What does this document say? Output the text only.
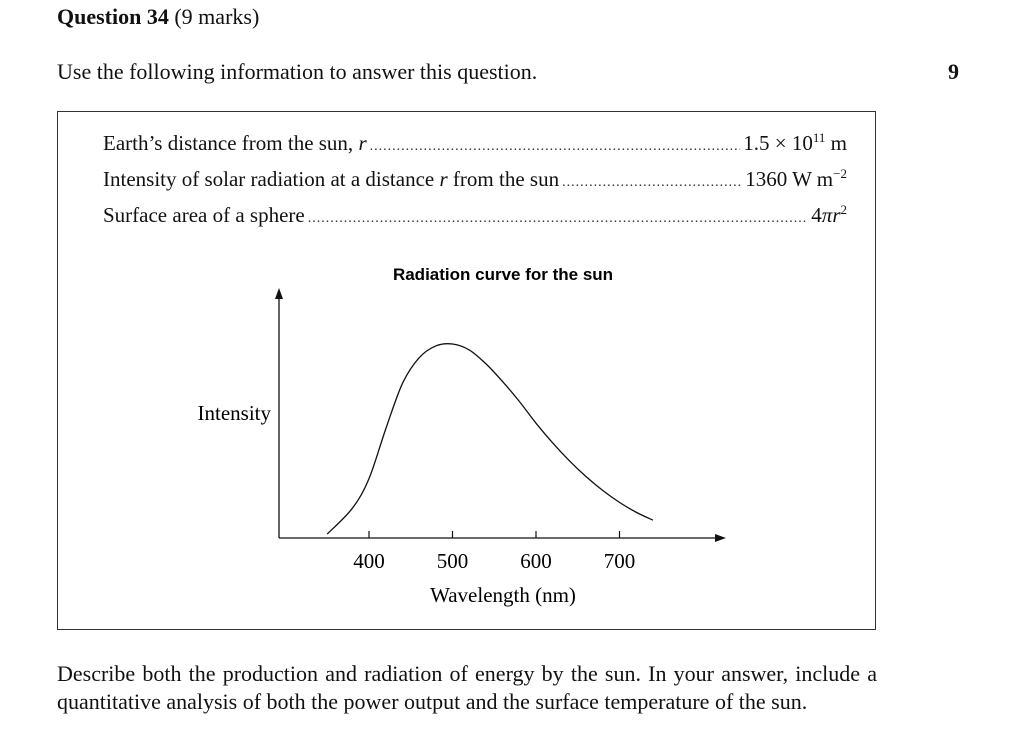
Question 34 (9 marks)
Use the following information to answer this question.	9
Earth’s distance from the sun, r .....	$1.5 \times 10^{11}$ m
Intensity of solar radiation at a distance r from the sun .....	1360 W $m^{-2}$
Surface area of a sphere .....	$4\pi r^2$
Radiation curve for the sun
Intensity
Wavelength (nm)
400 500 600 700
Describe both the production and radiation of energy by the sun. In your answer, include a quantitative analysis of both the power output and the surface temperature of the sun.
